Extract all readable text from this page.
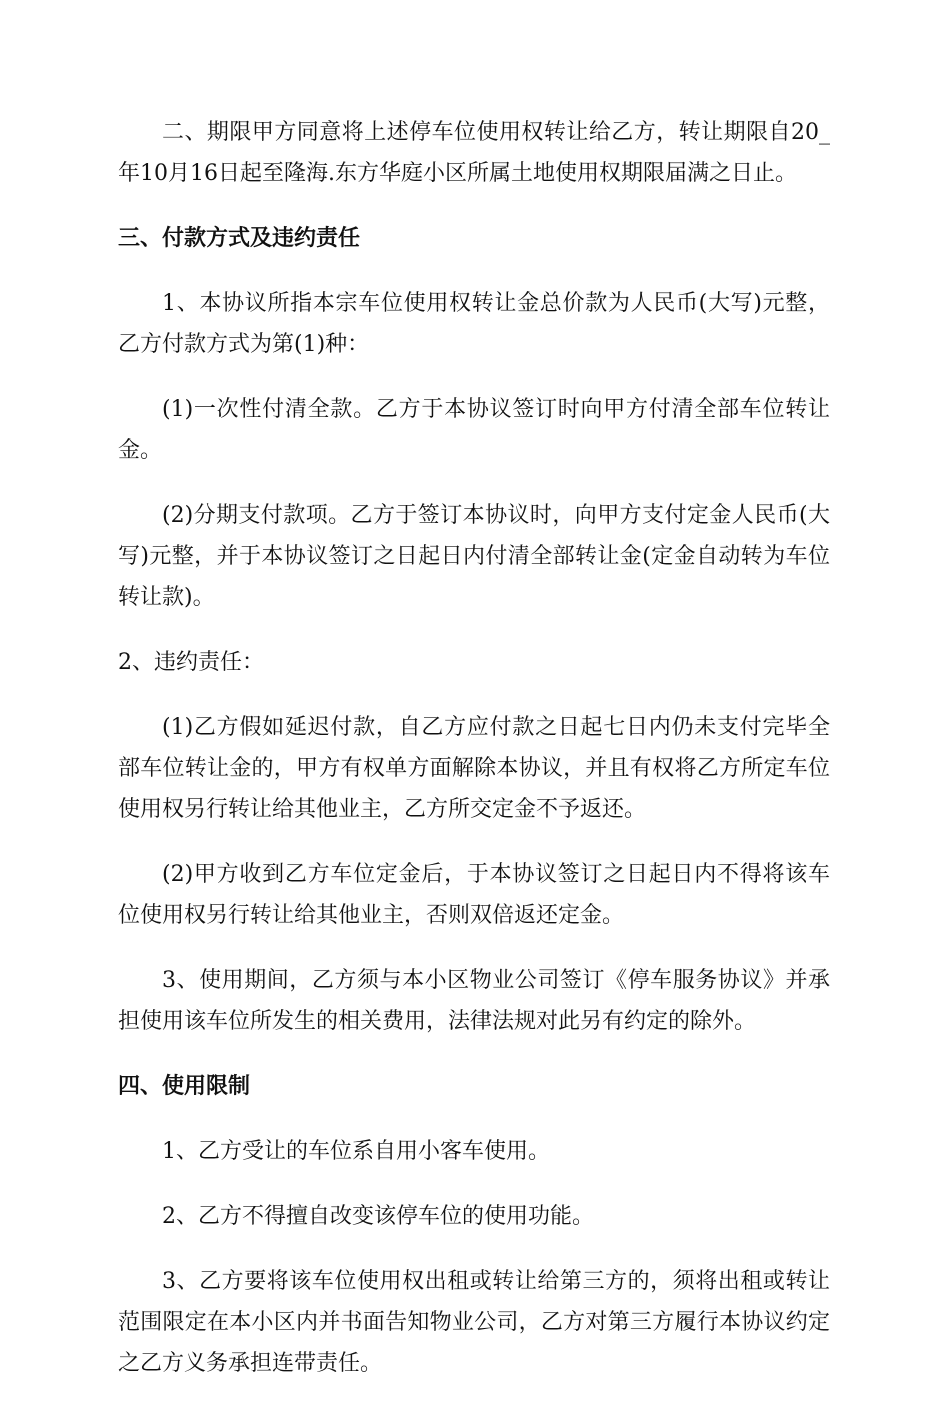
二、期限甲方同意将上述停车位使用权转让给乙方，转让期限自20_年10月16日起至隆海.东方华庭小区所属土地使用权期限届满之日止。

三、付款方式及违约责任

1、本协议所指本宗车位使用权转让金总价款为人民币(大写)元整，乙方付款方式为第(1)种：

(1)一次性付清全款。乙方于本协议签订时向甲方付清全部车位转让金。

(2)分期支付款项。乙方于签订本协议时，向甲方支付定金人民币(大写)元整，并于本协议签订之日起日内付清全部转让金(定金自动转为车位转让款)。

2、违约责任：

(1)乙方假如延迟付款，自乙方应付款之日起七日内仍未支付完毕全部车位转让金的，甲方有权单方面解除本协议，并且有权将乙方所定车位使用权另行转让给其他业主，乙方所交定金不予返还。

(2)甲方收到乙方车位定金后，于本协议签订之日起日内不得将该车位使用权另行转让给其他业主，否则双倍返还定金。

3、使用期间，乙方须与本小区物业公司签订《停车服务协议》并承担使用该车位所发生的相关费用，法律法规对此另有约定的除外。

四、使用限制

1、乙方受让的车位系自用小客车使用。

2、乙方不得擅自改变该停车位的使用功能。

3、乙方要将该车位使用权出租或转让给第三方的，须将出租或转让范围限定在本小区内并书面告知物业公司，乙方对第三方履行本协议约定之乙方义务承担连带责任。
